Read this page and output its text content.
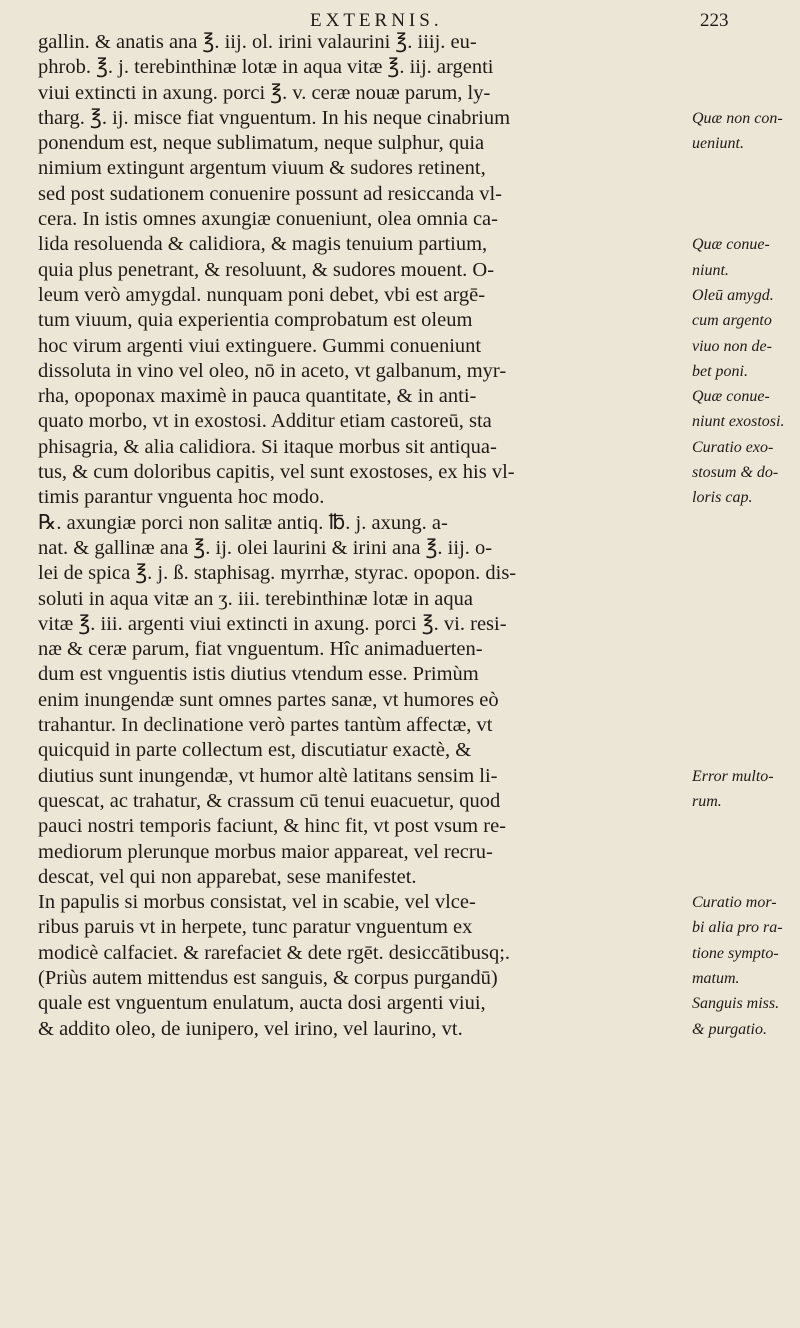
EXTERNIS.	223
gallin. & anatis ana ℥. iij. ol. irini valaurini ℥. iiij. eu-
phrob. ℥. j. terebinthinæ lotæ in aqua vitæ ℥. iij. argenti
viui extincti in axung. porci ℥. v. ceræ nouæ parum, ly-
tharg. ℥. ij. misce fiat vnguentum. In his neque cinabrium
ponendum est, neque sublimatum, neque sulphur, quia
nimium extingunt argentum viuum & sudores retinent,
sed post sudationem conuenire possunt ad resiccanda vl-
cera. In istis omnes axungiæ conueniunt, olea omnia ca-
lida resoluenda & calidiora, & magis tenuium partium,
quia plus penetrant, & resoluunt, & sudores mouent. O-
leum verò amygdal. nunquam poni debet, vbi est argē-
tum viuum, quia experientia comprobatum est oleum
hoc virum argenti viui extinguere. Gummi conueniunt
dissoluta in vino vel oleo, nō in aceto, vt galbanum, myr-
rha, opoponax maximè in pauca quantitate, & in anti-
quato morbo, vt in exostosi. Additur etiam castoreū, sta
phisagria, & alia calidiora. Si itaque morbus sit antiqua-
tus, & cum doloribus capitis, vel sunt exostoses, ex his vl-
timis parantur vnguenta hoc modo.
℞. axungiæ porci non salitæ antiq. ℔. j. axung. a-
nat. & gallinæ ana ℥. ij. olei laurini & irini ana ℥. iij. o-
lei de spica ℥. j. ß. staphisag. myrrhæ, styrac. opopon. dis-
soluti in aqua vitæ an ʒ. iii. terebinthinæ lotæ in aqua
vitæ ℥. iii. argenti viui extincti in axung. porci ℥. vi. resi-
næ & ceræ parum, fiat vnguentum. Hîc animaduerten-
dum est vnguentis istis diutius vtendum esse. Primùm
enim inungendæ sunt omnes partes sanæ, vt humores eò
trahantur. In declinatione verò partes tantùm affectæ, vt
quicquid in parte collectum est, discutiatur exactè, &
diutius sunt inungendæ, vt humor altè latitans sensim li-
quescat, ac trahatur, & crassum cū tenui euacuetur, quod
pauci nostri temporis faciunt, & hinc fit, vt post vsum re-
mediorum plerunque morbus maior appareat, vel recru-
descat, vel qui non apparebat, sese manifestet.
In papulis si morbus consistat, vel in scabie, vel vlce-
ribus paruis vt in herpete, tunc paratur vnguentum ex
modicè calfaciet. & rarefaciet & dete rgēt. desiccātibusq;.
(Priùs autem mittendus est sanguis, & corpus purgandū)
quale est vnguentum enulatum, aucta dosi argenti viui,
& addito oleo, de iunipero, vel irino, vel laurino, vt.
Quæ non con-
ueniunt.
Quæ conue-
niunt.
Oleū amygd.
cum argento
viuo non de-
bet poni.
Quæ conue-
niunt exostosi.
Curatio exo-
stosum & do-
loris cap.
Error multo-
rum.
Curatio mor-
bi alia pro ra-
tione sympto-
matum.
Sanguis miss.
& purgatio.
